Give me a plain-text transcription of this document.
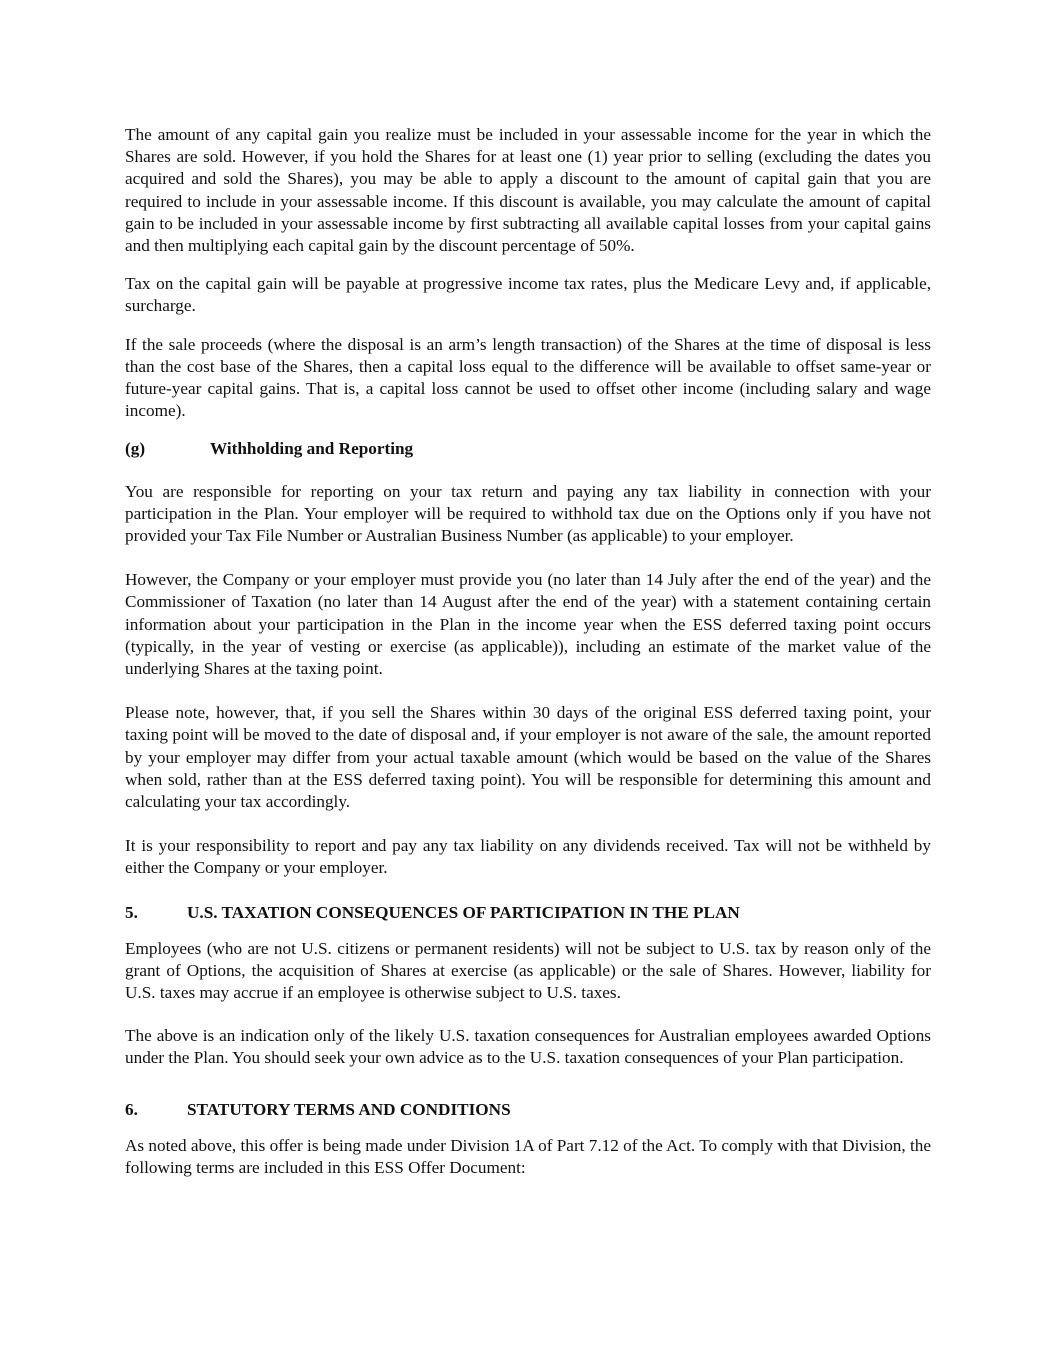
The amount of any capital gain you realize must be included in your assessable income for the year in which the Shares are sold. However, if you hold the Shares for at least one (1) year prior to selling (excluding the dates you acquired and sold the Shares), you may be able to apply a discount to the amount of capital gain that you are required to include in your assessable income. If this discount is available, you may calculate the amount of capital gain to be included in your assessable income by first subtracting all available capital losses from your capital gains and then multiplying each capital gain by the discount percentage of 50%.

Tax on the capital gain will be payable at progressive income tax rates, plus the Medicare Levy and, if applicable, surcharge.

If the sale proceeds (where the disposal is an arm’s length transaction) of the Shares at the time of disposal is less than the cost base of the Shares, then a capital loss equal to the difference will be available to offset same-year or future-year capital gains. That is, a capital loss cannot be used to offset other income (including salary and wage income).

(g)	Withholding and Reporting

You are responsible for reporting on your tax return and paying any tax liability in connection with your participation in the Plan. Your employer will be required to withhold tax due on the Options only if you have not provided your Tax File Number or Australian Business Number (as applicable) to your employer.

However, the Company or your employer must provide you (no later than 14 July after the end of the year) and the Commissioner of Taxation (no later than 14 August after the end of the year) with a statement containing certain information about your participation in the Plan in the income year when the ESS deferred taxing point occurs (typically, in the year of vesting or exercise (as applicable)), including an estimate of the market value of the underlying Shares at the taxing point.

Please note, however, that, if you sell the Shares within 30 days of the original ESS deferred taxing point, your taxing point will be moved to the date of disposal and, if your employer is not aware of the sale, the amount reported by your employer may differ from your actual taxable amount (which would be based on the value of the Shares when sold, rather than at the ESS deferred taxing point). You will be responsible for determining this amount and calculating your tax accordingly.

It is your responsibility to report and pay any tax liability on any dividends received. Tax will not be withheld by either the Company or your employer.

5.	U.S. TAXATION CONSEQUENCES OF PARTICIPATION IN THE PLAN

Employees (who are not U.S. citizens or permanent residents) will not be subject to U.S. tax by reason only of the grant of Options, the acquisition of Shares at exercise (as applicable) or the sale of Shares. However, liability for U.S. taxes may accrue if an employee is otherwise subject to U.S. taxes.

The above is an indication only of the likely U.S. taxation consequences for Australian employees awarded Options under the Plan. You should seek your own advice as to the U.S. taxation consequences of your Plan participation.

6.	STATUTORY TERMS AND CONDITIONS

As noted above, this offer is being made under Division 1A of Part 7.12 of the Act. To comply with that Division, the following terms are included in this ESS Offer Document:
